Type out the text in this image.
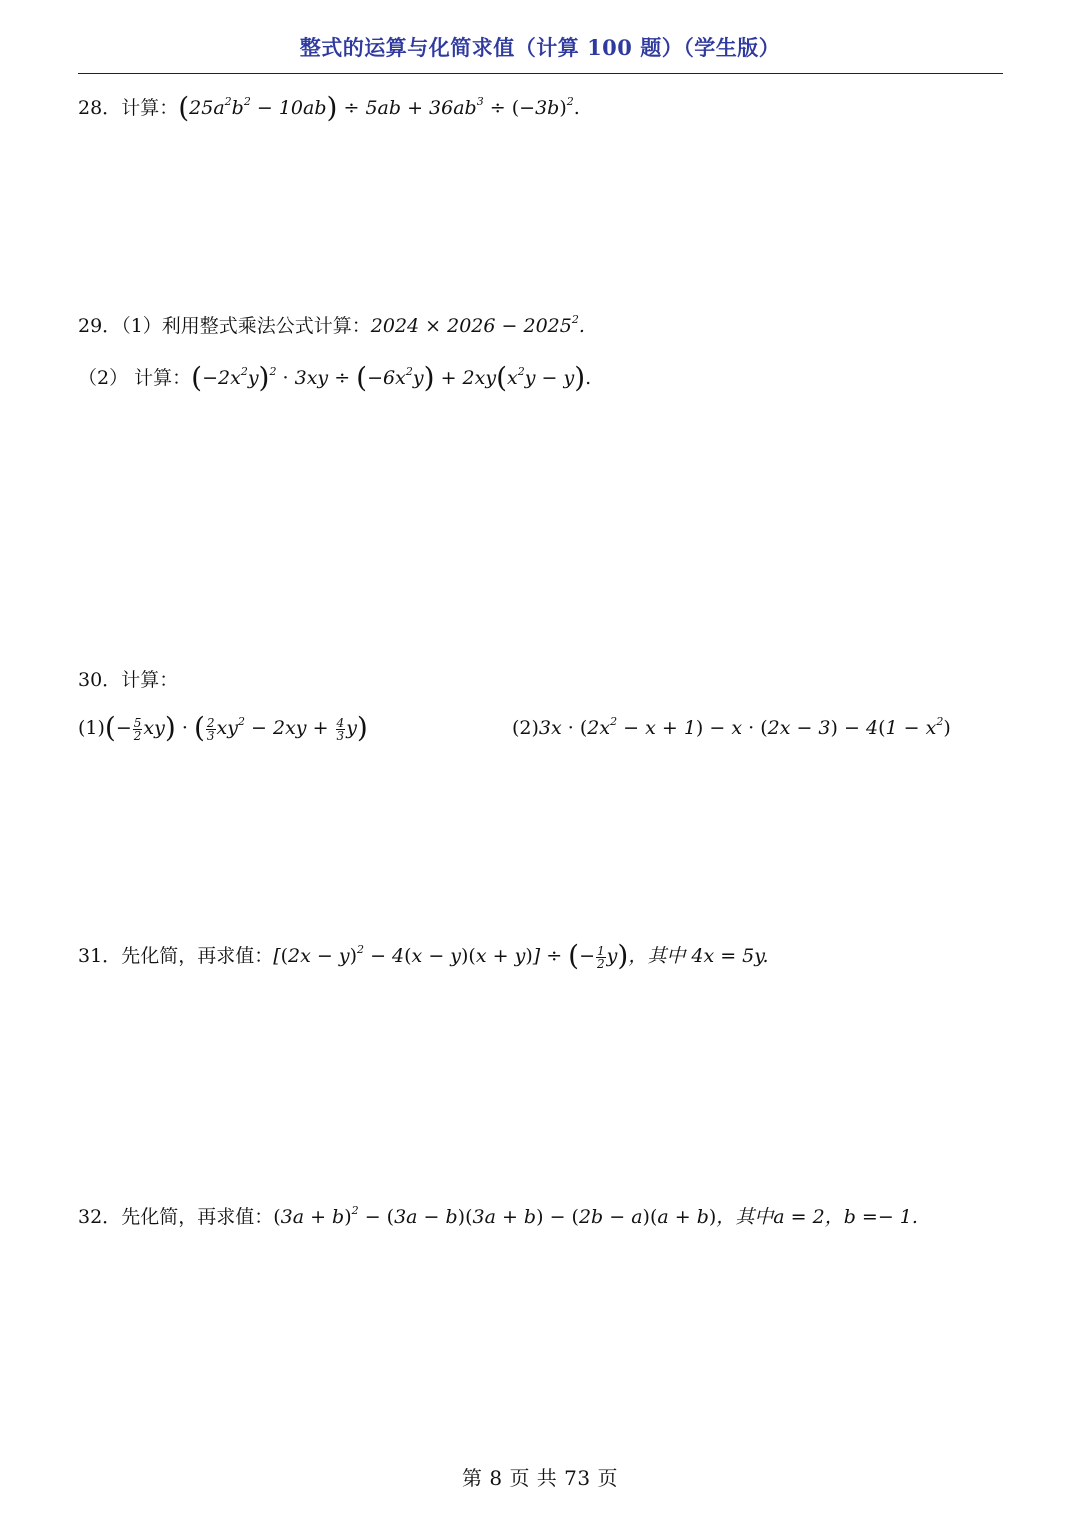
整式的运算与化简求值（计算 100 题）（学生版）
28．计算：$(25a^2b^2 - 10ab) \div 5ab + 36ab^3 \div (-3b)^2$.
29．（1）利用整式乘法公式计算：$2024 \times 2026 - 2025^2$.
（2） 计算：$(-2x^2y)^2 \cdot 3xy \div (-6x^2y) + 2xy(x^2y - y)$.
30．计算：
$(1)(- \frac{5}{2} xy)$ · ( $\frac{2}{3} xy^2 - 2xy + \frac{4}{3} y$)	$(2)3x \cdot (2x^2 - x + 1) - x \cdot (2x - 3) - 4(1 - x^2)$
31．先化简，再求值：$[(2x - y)^2 - 4(x - y)(x + y)]$ ÷ (− $\frac{1}{2} y$)，其中 4x = 5y.
32．先化简，再求值：$(3a + b)^2 - (3a - b)(3a + b) - (2b - a)(a + b)$，其中a = 2，b =− 1.
第 8 页 共 73 页
